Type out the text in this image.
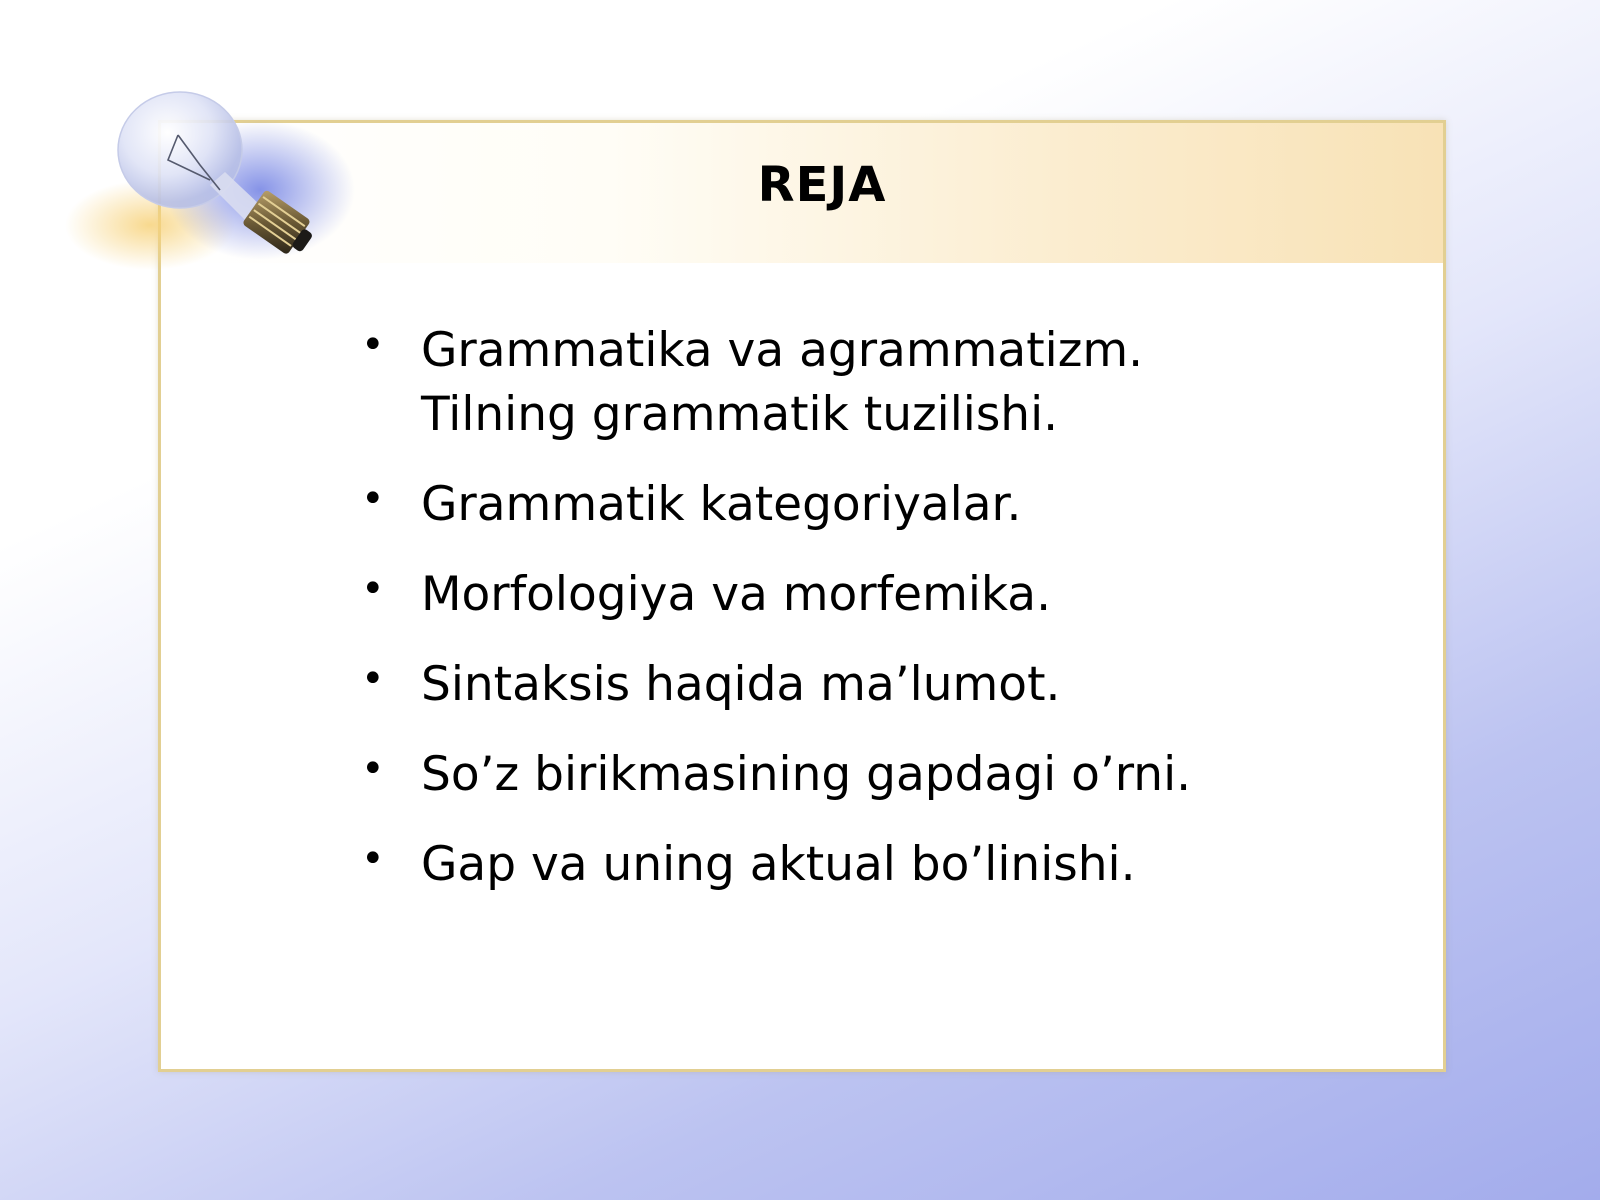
REJA
• Grammatika va agrammatizm.
Tilning grammatik tuzilishi.
• Grammatik kategoriyalar.
• Morfologiya va morfemika.
• Sintaksis haqida ma’lumot.
• So’z birikmasining gapdagi o’rni.
• Gap va uning aktual bo’linishi.
